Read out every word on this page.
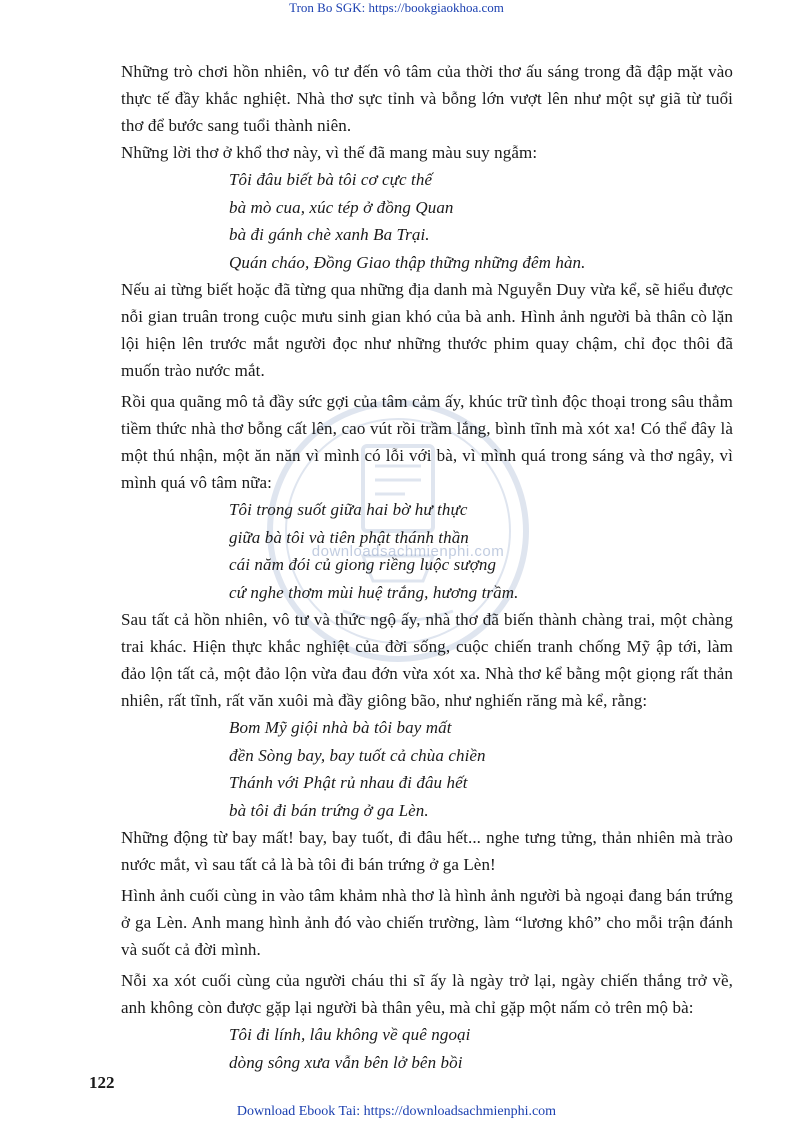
Tron Bo SGK: https://bookgiaokhoa.com
downloadsachmienphi.com

Những trò chơi hồn nhiên, vô tư đến vô tâm của thời thơ ấu sáng trong đã đập mặt vào thực tế đầy khắc nghiệt. Nhà thơ sực tỉnh và bỗng lớn vượt lên như một sự giã từ tuổi thơ để bước sang tuổi thành niên.

Những lời thơ ở khổ thơ này, vì thế đã mang màu suy ngẫm:

Tôi đâu biết bà tôi cơ cực thế
bà mò cua, xúc tép ở đồng Quan
bà đi gánh chè xanh Ba Trại.
Quán cháo, Đồng Giao thập thững những đêm hàn.

Nếu ai từng biết hoặc đã từng qua những địa danh mà Nguyễn Duy vừa kể, sẽ hiểu được nỗi gian truân trong cuộc mưu sinh gian khó của bà anh. Hình ảnh người bà thân cò lặn lội hiện lên trước mắt người đọc như những thước phim quay chậm, chỉ đọc thôi đã muốn trào nước mắt.

Rồi qua quãng mô tả đầy sức gợi của tâm cảm ấy, khúc trữ tình độc thoại trong sâu thẳm tiềm thức nhà thơ bỗng cất lên, cao vút rồi trầm lắng, bình tĩnh mà xót xa! Có thể đây là một thú nhận, một ăn năn vì mình có lỗi với bà, vì mình quá trong sáng và thơ ngây, vì mình quá vô tâm nữa:

Tôi trong suốt giữa hai bờ hư thực
giữa bà tôi và tiên phật thánh thần
cái năm đói củ giong riềng luộc sượng
cứ nghe thơm mùi huệ trắng, hương trầm.

Sau tất cả hồn nhiên, vô tư và thức ngộ ấy, nhà thơ đã biến thành chàng trai, một chàng trai khác. Hiện thực khắc nghiệt của đời sống, cuộc chiến tranh chống Mỹ ập tới, làm đảo lộn tất cả, một đảo lộn vừa đau đớn vừa xót xa. Nhà thơ kể bằng một giọng rất thản nhiên, rất tĩnh, rất văn xuôi mà đầy giông bão, như nghiến răng mà kể, rằng:

Bom Mỹ giội nhà bà tôi bay mất
đền Sòng bay, bay tuốt cả chùa chiền
Thánh với Phật rủ nhau đi đâu hết
bà tôi đi bán trứng ở ga Lèn.

Những động từ bay mất! bay, bay tuốt, đi đâu hết... nghe tưng tửng, thản nhiên mà trào nước mắt, vì sau tất cả là bà tôi đi bán trứng ở ga Lèn!

Hình ảnh cuối cùng in vào tâm khảm nhà thơ là hình ảnh người bà ngoại đang bán trứng ở ga Lèn. Anh mang hình ảnh đó vào chiến trường, làm “lương khô” cho mỗi trận đánh và suốt cả đời mình.

Nỗi xa xót cuối cùng của người cháu thi sĩ ấy là ngày trở lại, ngày chiến thắng trở về, anh không còn được gặp lại người bà thân yêu, mà chỉ gặp một nấm cỏ trên mộ bà:

Tôi đi lính, lâu không về quê ngoại
dòng sông xưa vẫn bên lở bên bồi
122
Download Ebook Tai: https://downloadsachmienphi.com
